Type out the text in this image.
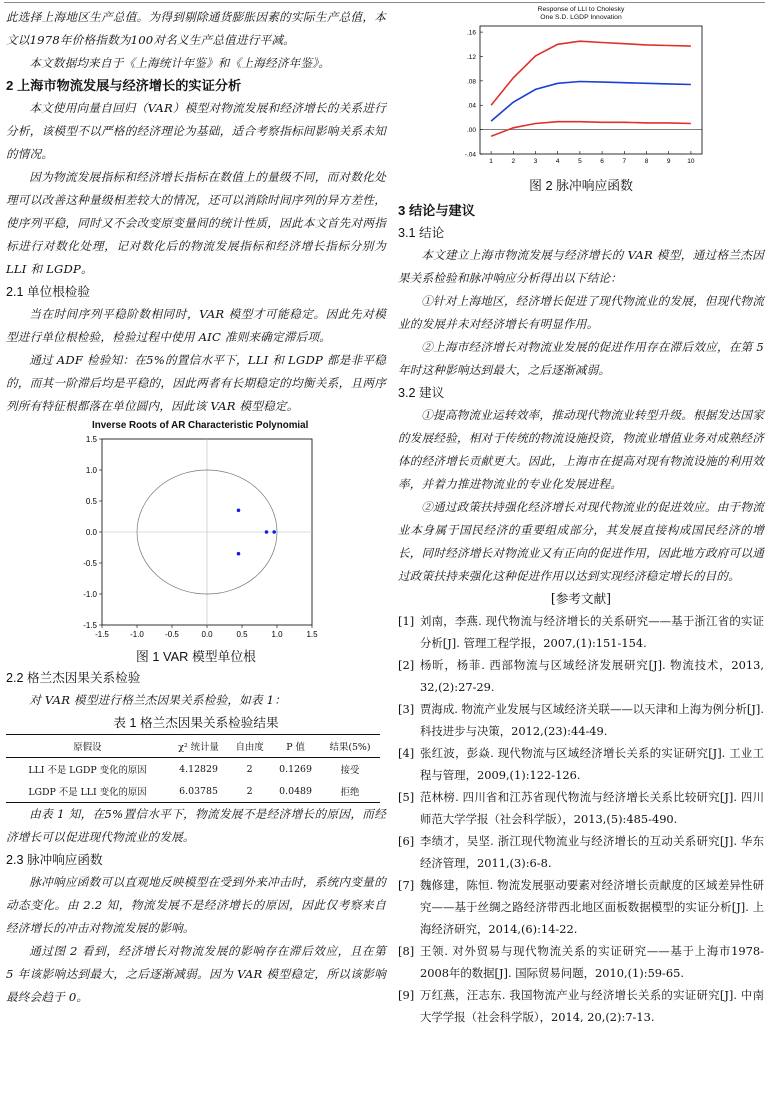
此选择上海地区生产总值。为得到剔除通货膨胀因素的实际生产总值，本文以1978年价格指数为100对名义生产总值进行平减。

本文数据均来自于《上海统计年鉴》和《上海经济年鉴》。

2 上海市物流发展与经济增长的实证分析

本文使用向量自回归（VAR）模型对物流发展和经济增长的关系进行分析，该模型不以严格的经济理论为基础，适合考察指标间影响关系未知的情况。

因为物流发展指标和经济增长指标在数值上的量级不同，而对数化处理可以改善这种量级相差较大的情况，还可以消除时间序列的异方差性，使序列平稳，同时又不会改变原变量间的统计性质，因此本文首先对两指标进行对数化处理，记对数化后的物流发展指标和经济增长指标分别为 LLI 和 LGDP。

2.1 单位根检验

当在时间序列平稳阶数相同时，VAR 模型才可能稳定。因此先对模型进行单位根检验，检验过程中使用 AIC 准则来确定滞后项。

通过 ADF 检验知：在5%的置信水平下，LLI 和 LGDP 都是非平稳的，而其一阶滞后均是平稳的，因此两者有长期稳定的均衡关系，且两序列所有特征根都落在单位圆内，因此该 VAR 模型稳定。

Inverse Roots of AR Characteristic Polynomial

-1.5	-1.0	-0.5	0.0	0.5	1.0	1.5
1.5
1.0
0.5
0.0
-0.5
-1.0
-1.5

图 1 VAR 模型单位根

2.2 格兰杰因果关系检验

对 VAR 模型进行格兰杰因果关系检验，如表 1：

表 1 格兰杰因果关系检验结果

原假设	χ² 统计量	自由度	P 值	结果(5%)
LLI 不是 LGDP 变化的原因	4.12829	2	0.1269	接受
LGDP 不是 LLI 变化的原因	6.03785	2	0.0489	拒绝

由表 1 知，在5%置信水平下，物流发展不是经济增长的原因，而经济增长可以促进现代物流业的发展。

2.3 脉冲响应函数

脉冲响应函数可以直观地反映模型在受到外来冲击时，系统内变量的动态变化。由 2.2 知，物流发展不是经济增长的原因，因此仅考察来自经济增长的冲击对物流发展的影响。

通过图 2 看到，经济增长对物流发展的影响存在滞后效应，且在第 5 年该影响达到最大，之后逐渐减弱。因为 VAR 模型稳定，所以该影响最终会趋于 0。

Response of LLI to Cholesky
One S.D. LGDP Innovation
.16
.12
.08
.04
.00
-.04
1	2	3	4	5	6	7	8	9	10

图 2 脉冲响应函数

3 结论与建议

3.1 结论

本文建立上海市物流发展与经济增长的 VAR 模型，通过格兰杰因果关系检验和脉冲响应分析得出以下结论：

①针对上海地区，经济增长促进了现代物流业的发展，但现代物流业的发展并未对经济增长有明显作用。

②上海市经济增长对物流业发展的促进作用存在滞后效应，在第 5 年时这种影响达到最大，之后逐渐减弱。

3.2 建议

①提高物流业运转效率，推动现代物流业转型升级。根据发达国家的发展经验，相对于传统的物流设施投资，物流业增值业务对成熟经济体的经济增长贡献更大。因此，上海市在提高对现有物流设施的利用效率，并着力推进物流业的专业化发展进程。

②通过政策扶持强化经济增长对现代物流业的促进效应。由于物流业本身属于国民经济的重要组成部分，其发展直接构成国民经济的增长，同时经济增长对物流业又有正向的促进作用，因此地方政府可以通过政策扶持来强化这种促进作用以达到实现经济稳定增长的目的。

[参考文献]

[1] 刘南，李燕. 现代物流与经济增长的关系研究——基于浙江省的实证分析[J]. 管理工程学报，2007,(1):151-154.
[2] 杨昕，杨菲. 西部物流与区域经济发展研究[J]. 物流技术，2013, 32,(2):27-29.
[3] 贾海成. 物流产业发展与区域经济关联——以天津和上海为例分析[J]. 科技进步与决策，2012,(23):44-49.
[4] 张红波，彭焱. 现代物流与区域经济增长关系的实证研究[J]. 工业工程与管理，2009,(1):122-126.
[5] 范林榜. 四川省和江苏省现代物流与经济增长关系比较研究[J]. 四川师范大学学报（社会科学版），2013,(5):485-490.
[6] 李绩才，吴坚. 浙江现代物流业与经济增长的互动关系研究[J]. 华东经济管理，2011,(3):6-8.
[7] 魏修建，陈恒. 物流发展驱动要素对经济增长贡献度的区域差异性研究——基于丝绸之路经济带西北地区面板数据模型的实证分析[J]. 上海经济研究，2014,(6):14-22.
[8] 王领. 对外贸易与现代物流关系的实证研究——基于上海市1978-2008年的数据[J]. 国际贸易问题，2010,(1):59-65.
[9] 万红燕，汪志东. 我国物流产业与经济增长关系的实证研究[J]. 中南大学学报（社会科学版），2014, 20,(2):7-13.
